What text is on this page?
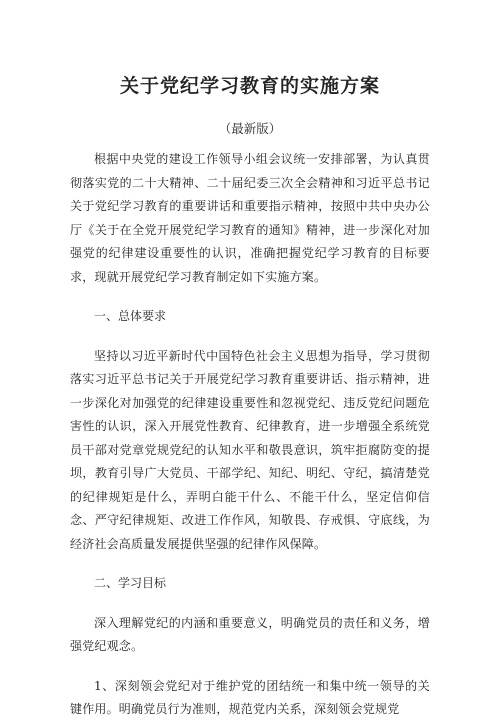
关于党纪学习教育的实施方案
（最新版）

根据中央党的建设工作领导小组会议统一安排部署，为认真贯彻落实党的二十大精神、二十届纪委三次全会精神和习近平总书记关于党纪学习教育的重要讲话和重要指示精神，按照中共中央办公厅《关于在全党开展党纪学习教育的通知》精神，进一步深化对加强党的纪律建设重要性的认识，准确把握党纪学习教育的目标要求，现就开展党纪学习教育制定如下实施方案。

一、总体要求

坚持以习近平新时代中国特色社会主义思想为指导，学习贯彻落实习近平总书记关于开展党纪学习教育重要讲话、指示精神，进一步深化对加强党的纪律建设重要性和忽视党纪、违反党纪问题危害性的认识，深入开展党性教育、纪律教育，进一步增强全系统党员干部对党章党规党纪的认知水平和敬畏意识，筑牢拒腐防变的提坝，教育引导广大党员、干部学纪、知纪、明纪、守纪，搞清楚党的纪律规矩是什么，弄明白能干什么、不能干什么，坚定信仰信念、严守纪律规矩、改进工作作风，知敬畏、存戒惧、守底线，为经济社会高质量发展提供坚强的纪律作风保障。

二、学习目标

深入理解党纪的内涵和重要意义，明确党员的责任和义务，增强党纪观念。

1、深刻领会党纪对于维护党的团结统一和集中统一领导的关键作用。明确党员行为准则，规范党内关系，深刻领会党规党
